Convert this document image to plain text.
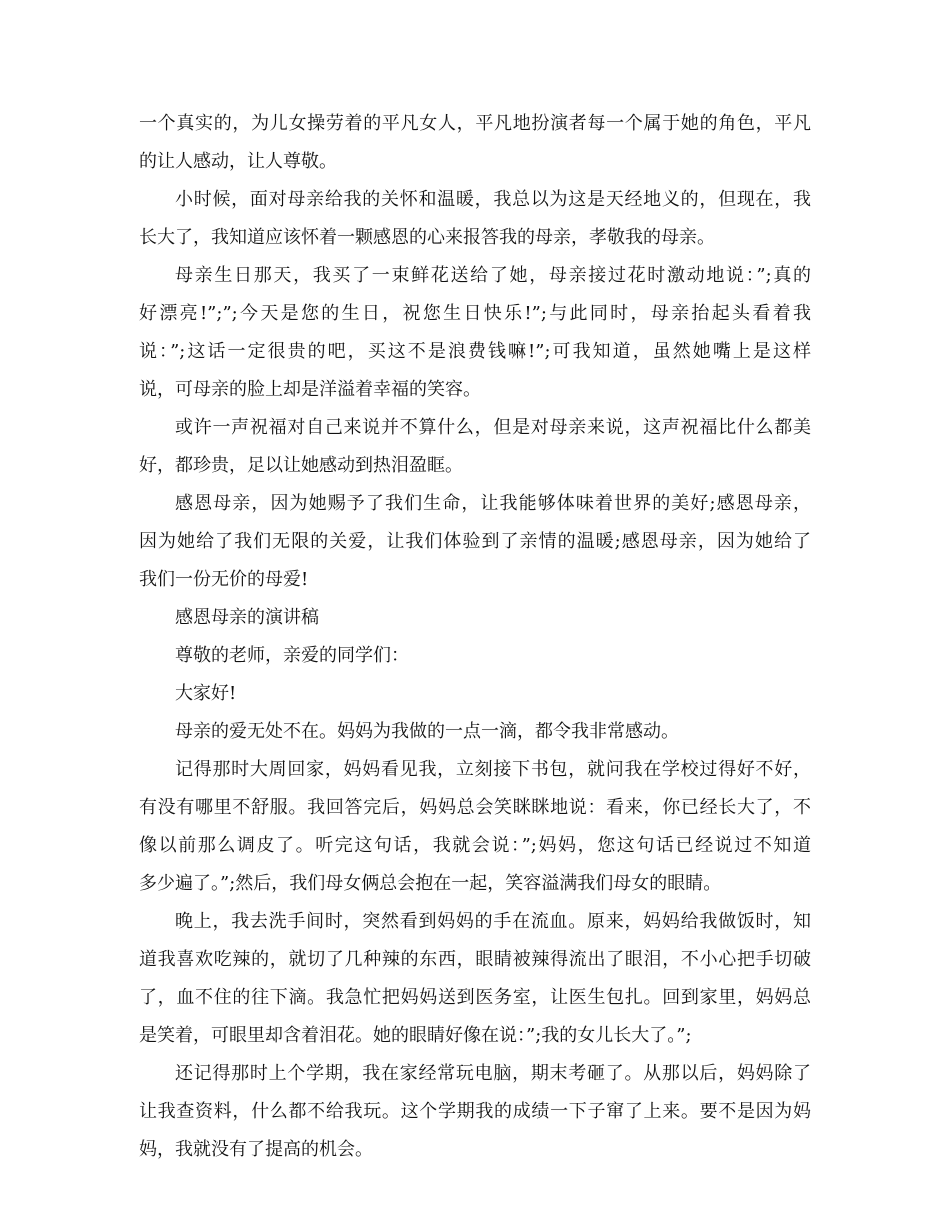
一个真实的，为儿女操劳着的平凡女人，平凡地扮演者每一个属于她的角色，平凡
的让人感动，让人尊敬。
小时候，面对母亲给我的关怀和温暖，我总以为这是天经地义的，但现在，我
长大了，我知道应该怀着一颗感恩的心来报答我的母亲，孝敬我的母亲。
母亲生日那天，我买了一束鲜花送给了她，母亲接过花时激动地说：”;真的
好漂亮!”;”;今天是您的生日，祝您生日快乐!”;与此同时，母亲抬起头看着我
说：”;这话一定很贵的吧，买这不是浪费钱嘛!”;可我知道，虽然她嘴上是这样
说，可母亲的脸上却是洋溢着幸福的笑容。
或许一声祝福对自己来说并不算什么，但是对母亲来说，这声祝福比什么都美
好，都珍贵，足以让她感动到热泪盈眶。
感恩母亲，因为她赐予了我们生命，让我能够体味着世界的美好;感恩母亲，
因为她给了我们无限的关爱，让我们体验到了亲情的温暖;感恩母亲，因为她给了
我们一份无价的母爱!
感恩母亲的演讲稿
尊敬的老师，亲爱的同学们：
大家好!
母亲的爱无处不在。妈妈为我做的一点一滴，都令我非常感动。
记得那时大周回家，妈妈看见我，立刻接下书包，就问我在学校过得好不好，
有没有哪里不舒服。我回答完后，妈妈总会笑眯眯地说：看来，你已经长大了，不
像以前那么调皮了。听完这句话，我就会说：”;妈妈，您这句话已经说过不知道
多少遍了。”;然后，我们母女俩总会抱在一起，笑容溢满我们母女的眼睛。
晚上，我去洗手间时，突然看到妈妈的手在流血。原来，妈妈给我做饭时，知
道我喜欢吃辣的，就切了几种辣的东西，眼睛被辣得流出了眼泪，不小心把手切破
了，血不住的往下滴。我急忙把妈妈送到医务室，让医生包扎。回到家里，妈妈总
是笑着，可眼里却含着泪花。她的眼睛好像在说：”;我的女儿长大了。”;
还记得那时上个学期，我在家经常玩电脑，期末考砸了。从那以后，妈妈除了
让我查资料，什么都不给我玩。这个学期我的成绩一下子窜了上来。要不是因为妈
妈，我就没有了提高的机会。
